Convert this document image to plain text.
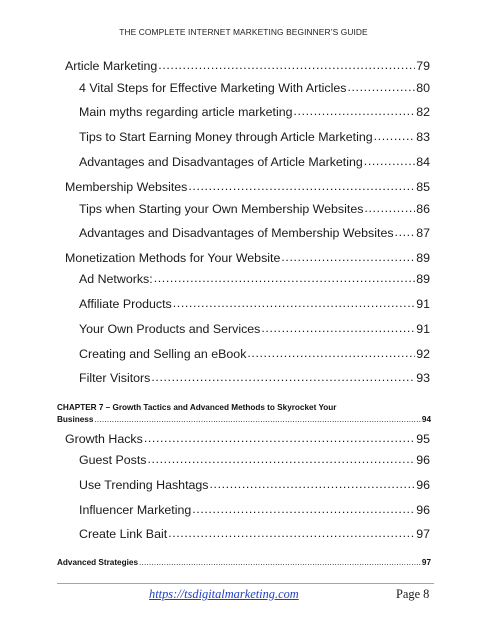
THE COMPLETE INTERNET MARKETING BEGINNER’S GUIDE
Article Marketing .....	79
4 Vital Steps for Effective Marketing With Articles .....	80
Main myths regarding article marketing .....	82
Tips to Start Earning Money through Article Marketing .....	83
Advantages and Disadvantages of Article Marketing .....	84
Membership Websites .....	85
Tips when Starting your Own Membership Websites .....	86
Advantages and Disadvantages of Membership Websites ..... 87
Monetization Methods for Your Website .....	89
Ad Networks: .....	89
Affiliate Products .....	91
Your Own Products and Services .....	91
Creating and Selling an eBook .....	92
Filter Visitors .....	93
CHAPTER 7 – Growth Tactics and Advanced Methods to Skyrocket Your
Business .....	94
Growth Hacks .....	95
Guest Posts .....	96
Use Trending Hashtags .....	96
Influencer Marketing .....	96
Create Link Bait .....	97
Advanced Strategies .....	97
https://tsdigitalmarketing.com	Page 8
